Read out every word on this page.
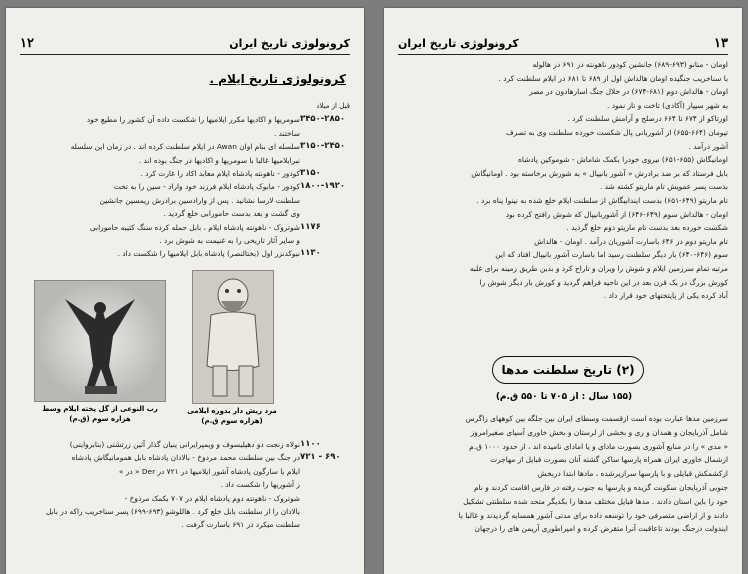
کرونولوژی تاریخ ایران
۱۲
کرونولوژی تاریخ ایلام .
قبل از میلاد
۳۴۵۰-۲۸۵۰
سومریها و اکادیها مکرر ایلامیها را شکست داده آن کشور را مطیع خود
ساختند .
۳۱۵۰-۲۴۵۰
سلسله ای بنام اوان Awan در ایلام سلطنت کرده اند . در زمان این سلسله
نبرایلامیها غالبا با سومریها و اکادیها در جنگ بوده اند .
۳۱۵۰
کودور - ناهونته پادشاه ایلام معابد اکاد را غارت کرد .
۱۸۰۰-۱۹۲۰
کودور - مابوک پادشاه ایلام فرزند خود واراد - سین را به تخت
سلطنت لارسا نشانید . پس از وارادسین برادرش ریمسین جانشین
وی گشت و بعد بدست حامورابی خلع گردید .
۱۱۷۶
شوتروک - ناهونته پادشاه ایلام ، بابل حمله کرده سنگ کتیبه حامورابی
و سایر آثار تاریخی را به غنیمت به شوش برد .
۱۱۳۰
نبوکدنزر اول (بختالنصر) پادشاه بابل ایلامیها را شکست داد .
رب النوعی از گل پخته ایلام وسط
هزاره سوم (ق.م)
مرد ریش دار بدوره ایلامی
(هزاره سوم ق.م)
۱۱۰۰
نولاه زنجت دو دهپلیسوف و ویمپرایرانی پنیان گذار آئین زرتشتی (بنابروایتی)
۷۲۱ - ۶۹۰
در جنگ بین سلطنت محمد مردوخ - بالادان پادشاه بابل همومانیگاش پادشاه
ایلام با سارگون پادشاه آشور ایلامیها در ۷۲۱ در Der « در »
ز آشوریها را شکست داد .
شوتروک - ناهونته دوم پادشاه ایلام در ۷۰۷ بکمک مردوخ -
بالادان را از سلطنت بابل خلع کرد . هاللوشو (۶۹۳-۶۹۹) پسر سناخریب راکه در بابل
سلطنت میکرد در ۶۹۱ باسارت گرفت .
۱۳
کرونولوژی تاریخ ایران
اومان - منانو (۶۹۳-۶۸۹) جانشین کودور ناهونته در ۶۹۱ در هالوله
با سناخریب جنگیده اومان هالداش اول از ۶۸۹ تا ۶۸۱ در ایلام سلطنت کرد .
اومان - هالداش دوم (۶۸۱-۶۷۴) در خلال جنگ اسارهادون در مصر
به شهر سیپار (آکادی) تاخت و تاز نمود .
اورتاکو از ۶۷۴ تا ۶۶۴ درصلح و آرامش سلطنت کرد .
تیومان (۶۶۴-۶۵۵) از آشوربانی پال شکست خورده سلطنت وی به تصرف
آشور درآمد .
اومانیگاش (۶۵۵-۶۵۱) نیروی خودرا بکمک شاماش - شوموکین پادشاه
بابل فرستاد که بر ضد برادرش « آشور بانیپال » به شورش برخاسته بود . اومانیگاش
بدست پسر عمویش تام ماریتو کشته شد .
تام ماریتو (۶۴۹-۶۵۱) بدست ایندابیگاش از سلطنت ایلام خلع شده به نینوا پناه برد .
اومان - هالداش سوم (۶۴۹-۶۴۶) از آشوربانیپال که شوش رافتح کرده بود
شکست خورده بعد بدست تام ماریتو دوم خلع گردید .
تام ماریتو دوم در ۶۴۶ باسارت آشوریان درآمد . اومان - هالداش
سوم (۶۴۶-۶۴۰) بار دیگر سلطنت رسید اما باسارت آشور بانیپال افتاد که این
مرتبه تمام سرزمین ایلام و شوش را ویران و تاراج کرد و بدین طریق زمینه برای غلبه
کورش بزرگ در یک قرن بعد در این ناحیه فراهم گردید و کورش بار دیگر شوش را
آباد کرده یکی از پایتختهای خود قرار داد .
(۲) تاریخ سلطنت مدها
(۱۵۵ سال : از ۷۰۵ تا ۵۵۰ ق.م)
سرزمین مدها عبارت بوده است ازقسمت وسطای ایران بین جلگه بین کوههای زاگرس
شامل آذربایجان و همدان و ری و بخشی از لرستان و بخش خاوری آسیای صغیرامروز
« مدی » را در منابع آشوری بصورت مادای و یا امادای نامیده اند ، از حدود ۱۰۰۰ ق.م
ازشمال خاوری ایران همراه پارسها ساکن گشته آنان بصورت قبایل از مهاجرت
ازکشمکش قبایلی و با پارسها سرازیرشده ، مادها ابتدا دربخش
جنوبی آذربایجان سکونت گزیده و پارسها به جنوب رفته در فارس اقامت کردند و نام
خود را باین استان دادند . مدها قبایل مختلف مدها را بکدیگر متحد شده سلطنتی تشکیل
دادند و از اراضی متصرفی خود را توسعه داده برای مدتی آشور همسایه گردیدند و غالبا با
ایندولت درجنگ بودند تاعاقبت آنرا متقرض کرده و امپراطوری آریمن های را درجهان
